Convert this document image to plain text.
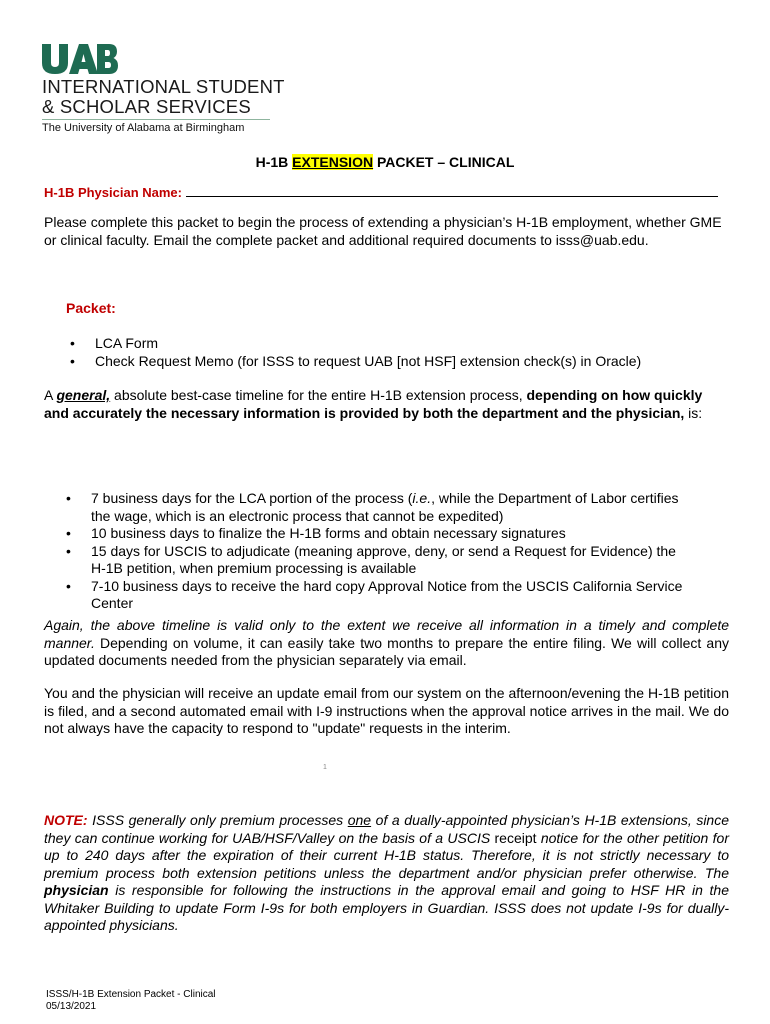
INTERNATIONAL STUDENT
& SCHOLAR SERVICES
The University of Alabama at Birmingham
H-1B EXTENSION PACKET – CLINICAL
H-1B Physician Name:
Please complete this packet to begin the process of extending a physician’s H-1B employment, whether GME or clinical faculty. Email the complete packet and additional required documents to isss@uab.edu.
Packet:
• LCA Form
• Check Request Memo (for ISSS to request UAB [not HSF] extension check(s) in Oracle)
A general, absolute best-case timeline for the entire H-1B extension process, depending on how quickly and accurately the necessary information is provided by both the department and the physician, is:
• 7 business days for the LCA portion of the process (i.e., while the Department of Labor certifies the wage, which is an electronic process that cannot be expedited)
• 10 business days to finalize the H-1B forms and obtain necessary signatures
• 15 days for USCIS to adjudicate (meaning approve, deny, or send a Request for Evidence) the H-1B petition, when premium processing is available
• 7-10 business days to receive the hard copy Approval Notice from the USCIS California Service Center
Again, the above timeline is valid only to the extent we receive all information in a timely and complete manner. Depending on volume, it can easily take two months to prepare the entire filing. We will collect any updated documents needed from the physician separately via email.
You and the physician will receive an update email from our system on the afternoon/evening the H-1B petition is filed, and a second automated email with I-9 instructions when the approval notice arrives in the mail. We do not always have the capacity to respond to "update" requests in the interim.
1
NOTE: ISSS generally only premium processes one of a dually-appointed physician’s H-1B extensions, since they can continue working for UAB/HSF/Valley on the basis of a USCIS receipt notice for the other petition for up to 240 days after the expiration of their current H-1B status. Therefore, it is not strictly necessary to premium process both extension petitions unless the department and/or physician prefer otherwise. The physician is responsible for following the instructions in the approval email and going to HSF HR in the Whitaker Building to update Form I-9s for both employers in Guardian. ISSS does not update I-9s for dually-appointed physicians.
ISSS/H-1B Extension Packet - Clinical
05/13/2021
